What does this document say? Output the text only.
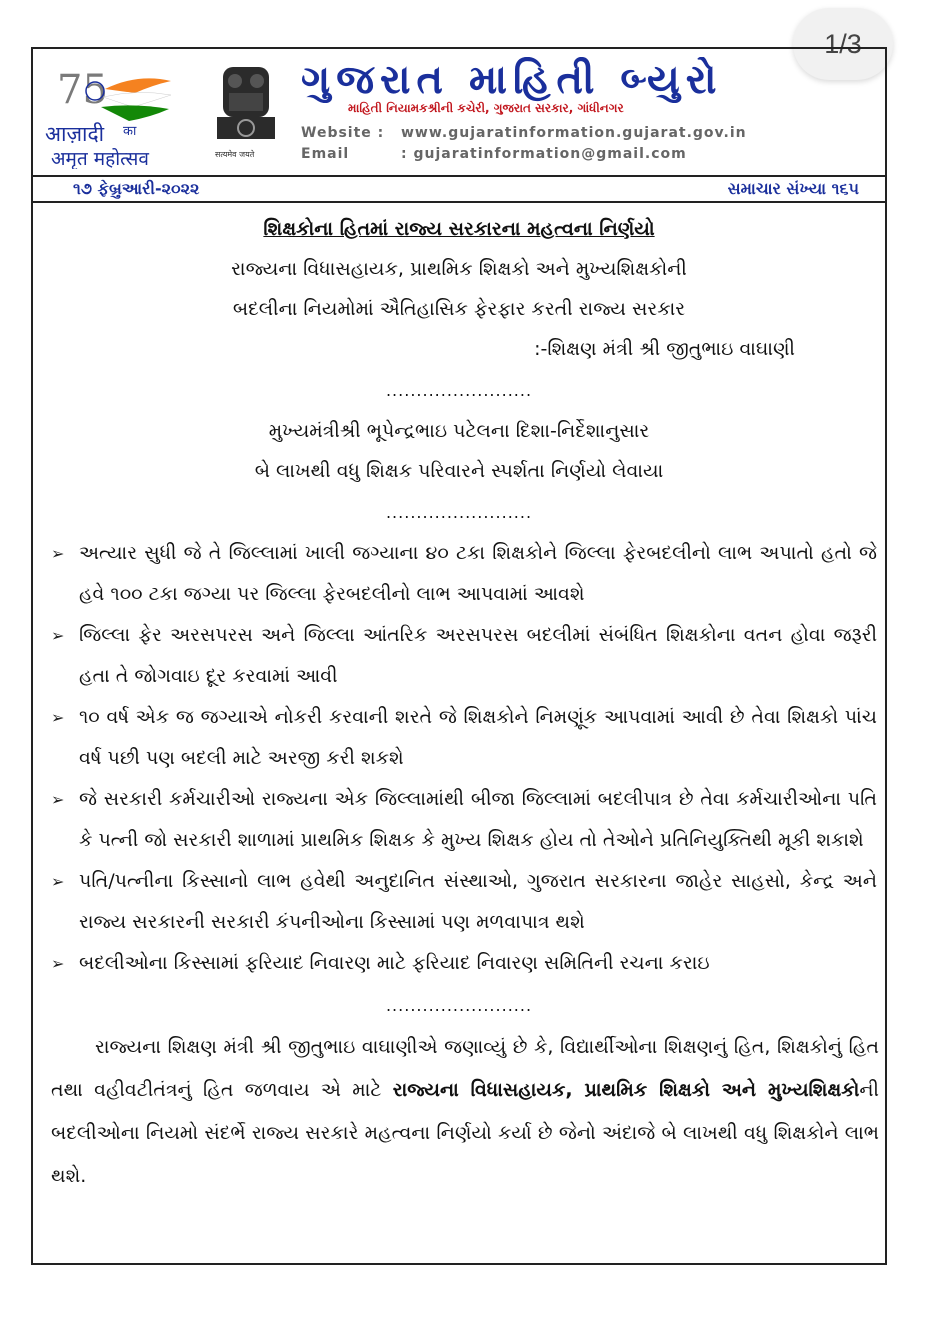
1/3
75
आज़ादी का
अमृत महोत्सव	सत्यमेव जयते
ગુજરાત માહિતી બ્યુરો
માહિતી નિયામકશ્રીની કચેરી, ગુજરાત સરકાર, ગાંધીનગર
Website : www.gujaratinformation.gujarat.gov.in
Email	: gujaratinformation@gmail.com
૧૭ ફેબ્રુઆરી-૨૦૨૨	સમાચાર સંખ્યા ૧૬૫
શિક્ષકોના હિતમાં રાજ્ય સરકારના મહત્વના નિર્ણયો
રાજ્યના વિધાસહાયક, પ્રાથમિક શિક્ષકો અને મુખ્યશિક્ષકોની
બદલીના નિયમોમાં ઐતિહાસિક ફેરફાર કરતી રાજ્ય સરકાર
:-શિક્ષણ મંત્રી શ્રી જીતુભાઇ વાઘાણી
........................
મુખ્યમંત્રીશ્રી ભૂપેન્દ્રભાઇ પટેલના દિશા-નિર્દેશાનુસાર
બે લાખથી વધુ શિક્ષક પરિવારને સ્પર્શતા નિર્ણયો લેવાયા
........................
➢ અત્યાર સુધી જે તે જિલ્લામાં ખાલી જગ્યાના ૪૦ ટકા શિક્ષકોને જિલ્લા ફેરબદલીનો લાભ અપાતો હતો જે હવે ૧૦૦ ટકા જગ્યા પર જિલ્લા ફેરબદલીનો લાભ આપવામાં આવશે
➢ જિલ્લા ફેર અરસપરસ અને જિલ્લા આંતરિક અરસપરસ બદલીમાં સંબંધિત શિક્ષકોના વતન હોવા જરૂરી હતા તે જોગવાઇ દૂર કરવામાં આવી
➢ ૧૦ વર્ષ એક જ જગ્યાએ નોકરી કરવાની શરતે જે શિક્ષકોને નિમણૂંક આપવામાં આવી છે તેવા શિક્ષકો પાંચ વર્ષ પછી પણ બદલી માટે અરજી કરી શકશે
➢ જે સરકારી કર્મચારીઓ રાજ્યના એક જિલ્લામાંથી બીજા જિલ્લામાં બદલીપાત્ર છે તેવા કર્મચારીઓના પતિ કે પત્ની જો સરકારી શાળામાં પ્રાથમિક શિક્ષક કે મુખ્ય શિક્ષક હોય તો તેઓને પ્રતિનિયુક્તિથી મૂકી શકાશે
➢ પતિ/પત્નીના કિસ્સાનો લાભ હવેથી અનુદાનિત સંસ્થાઓ, ગુજરાત સરકારના જાહેર સાહસો, કેન્દ્ર અને રાજ્ય સરકારની સરકારી કંપનીઓના કિસ્સામાં પણ મળવાપાત્ર થશે
➢ બદલીઓના કિસ્સામાં ફરિયાદ નિવારણ માટે ફરિયાદ નિવારણ સમિતિની રચના કરાઇ
........................
રાજ્યના શિક્ષણ મંત્રી શ્રી જીતુભાઇ વાઘાણીએ જણાવ્યું છે કે, વિદ્યાર્થીઓના શિક્ષણનું હિત, શિક્ષકોનું હિત તથા વહીવટીતંત્રનું હિત જળવાય એ માટે રાજ્યના વિધાસહાયક, પ્રાથમિક શિક્ષકો અને મુખ્યશિક્ષકોની બદલીઓના નિયમો સંદર્ભે રાજ્ય સરકારે મહત્વના નિર્ણયો કર્યા છે જેનો અંદાજે બે લાખથી વધુ શિક્ષકોને લાભ થશે.
